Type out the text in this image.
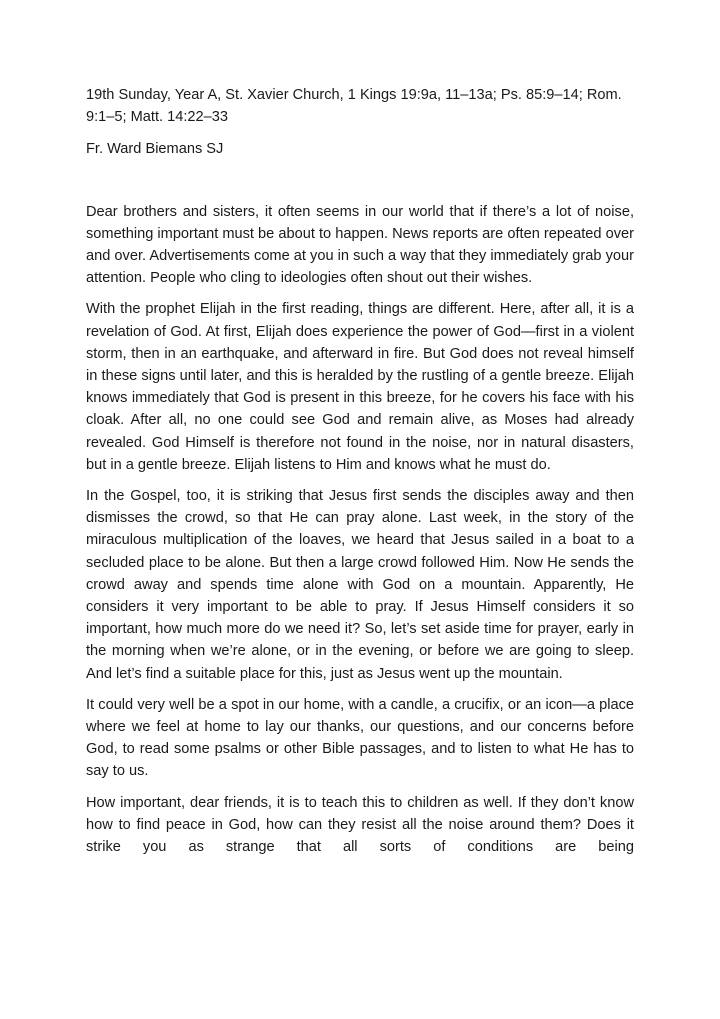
19th Sunday, Year A, St. Xavier Church, 1 Kings 19:9a, 11–13a; Ps. 85:9–14; Rom. 9:1–5; Matt. 14:22–33

Fr. Ward Biemans SJ

Dear brothers and sisters, it often seems in our world that if there’s a lot of noise, something important must be about to happen. News reports are often repeated over and over. Advertisements come at you in such a way that they immediately grab your attention. People who cling to ideologies often shout out their wishes.

With the prophet Elijah in the first reading, things are different. Here, after all, it is a revelation of God. At first, Elijah does experience the power of God—first in a violent storm, then in an earthquake, and afterward in fire. But God does not reveal himself in these signs until later, and this is heralded by the rustling of a gentle breeze. Elijah knows immediately that God is present in this breeze, for he covers his face with his cloak. After all, no one could see God and remain alive, as Moses had already revealed. God Himself is therefore not found in the noise, nor in natural disasters, but in a gentle breeze. Elijah listens to Him and knows what he must do.

In the Gospel, too, it is striking that Jesus first sends the disciples away and then dismisses the crowd, so that He can pray alone. Last week, in the story of the miraculous multiplication of the loaves, we heard that Jesus sailed in a boat to a secluded place to be alone. But then a large crowd followed Him. Now He sends the crowd away and spends time alone with God on a mountain. Apparently, He considers it very important to be able to pray. If Jesus Himself considers it so important, how much more do we need it? So, let’s set aside time for prayer, early in the morning when we’re alone, or in the evening, or before we are going to sleep. And let’s find a suitable place for this, just as Jesus went up the mountain.

It could very well be a spot in our home, with a candle, a crucifix, or an icon—a place where we feel at home to lay our thanks, our questions, and our concerns before God, to read some psalms or other Bible passages, and to listen to what He has to say to us.

How important, dear friends, it is to teach this to children as well. If they don’t know how to find peace in God, how can they resist all the noise around them? Does it strike you as strange that all sorts of conditions are being
